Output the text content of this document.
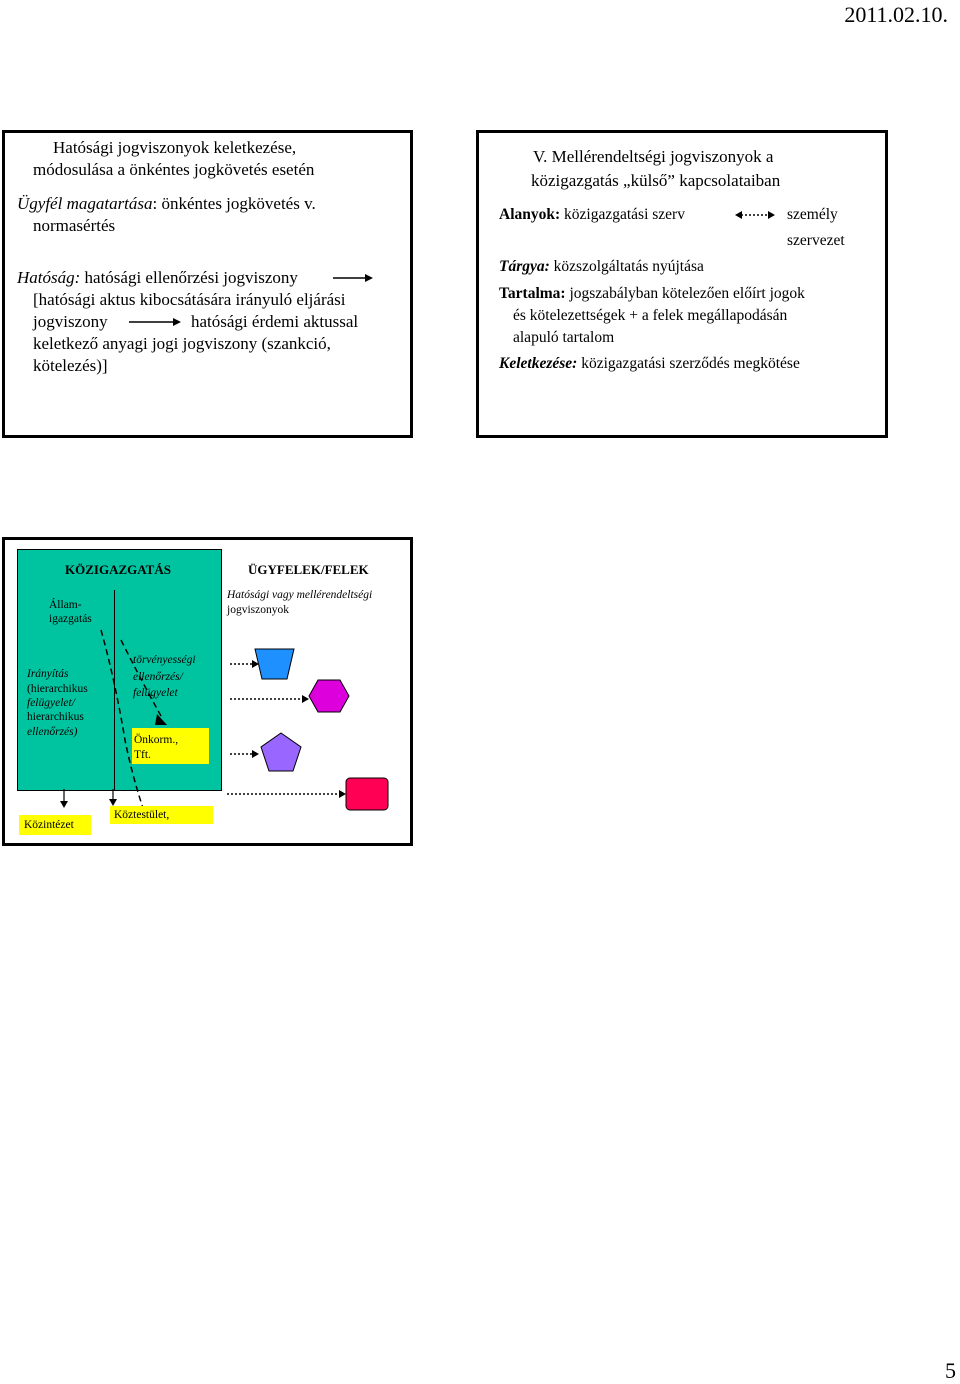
2011.02.10.
Hatósági jogviszonyok keletkezése,
módosulása a önkéntes jogkövetés esetén
Ügyfél magatartása: önkéntes jogkövetés v.
normasértés
Hatóság: hatósági ellenőrzési jogviszony
[hatósági aktus kibocsátására irányuló eljárási
jogviszony	hatósági érdemi aktussal
keletkező anyagi jogi jogviszony (szankció,
kötelezés)]
V. Mellérendeltségi jogviszonyok a
közigazgatás „külső” kapcsolataiban
Alanyok: közigazgatási szerv	személy
szervezet
Tárgya: közszolgáltatás nyújtása
Tartalma: jogszabályban kötelezően előírt jogok
és kötelezettségek + a felek megállapodásán
alapuló tartalom
Keletkezése: közigazgatási szerződés megkötése
KÖZIGAZGATÁS	ÜGYFELEK/FELEK
Állam-
igazgatás
Hatósági vagy mellérendeltségi
jogviszonyok
Irányítás
(hierarchikus
felügyelet/
hierarchikus
ellenőrzés)
törvényességi
ellenőrzés/
felügyelet
Önkorm.,
Tft.
Közintézet
Köztestület,
5
